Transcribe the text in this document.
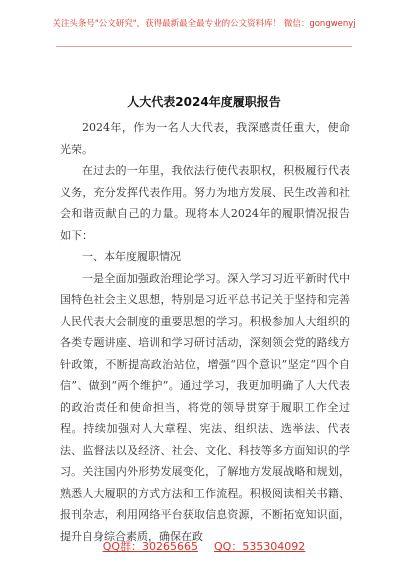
关注头条号"公文研究"，获得最新最全最专业的公文资料库！ 微信：gongwenyj
人大代表2024年度履职报告

2024年，作为一名人大代表，我深感责任重大，使命光荣。

在过去的一年里，我依法行使代表职权，积极履行代表义务，充分发挥代表作用。努力为地方发展、民生改善和社会和谐贡献自己的力量。现将本人2024年的履职情况报告如下：

一、本年度履职情况

一是全面加强政治理论学习。深入学习习近平新时代中国特色社会主义思想，特别是习近平总书记关于坚持和完善人民代表大会制度的重要思想的学习。积极参加人大组织的各类专题讲座、培训和学习研讨活动，深刻领会党的路线方针政策，不断提高政治站位，增强“四个意识”坚定“四个自信”、做到“两个维护”。通过学习，我更加明确了人大代表的政治责任和使命担当，将党的领导贯穿于履职工作全过程。持续加强对人大章程、宪法、组织法、选举法、代表法、监督法以及经济、社会、文化、科技等多方面知识的学习。关注国内外形势发展变化，了解地方发展战略和规划，熟悉人大履职的方式方法和工作流程。积极阅读相关书籍、报刊杂志，利用网络平台获取信息资源，不断拓宽知识面，提升自身综合素质，确保在政

QQ群：30265665 QQ：535304092
